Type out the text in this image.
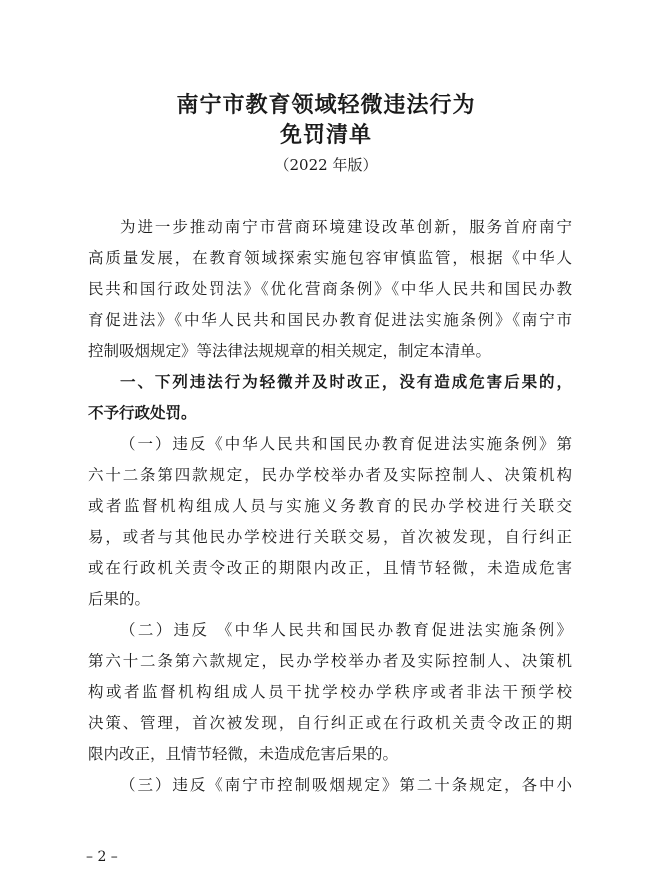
南宁市教育领域轻微违法行为
免罚清单
（2022 年版）
为进一步推动南宁市营商环境建设改革创新，服务首府南宁
高质量发展，在教育领域探索实施包容审慎监管，根据《中华人
民共和国行政处罚法》《优化营商条例》《中华人民共和国民办教
育促进法》《中华人民共和国民办教育促进法实施条例》《南宁市
控制吸烟规定》等法律法规规章的相关规定，制定本清单。
一、下列违法行为轻微并及时改正，没有造成危害后果的，
不予行政处罚。
（一）违反《中华人民共和国民办教育促进法实施条例》第
六十二条第四款规定，民办学校举办者及实际控制人、决策机构
或者监督机构组成人员与实施义务教育的民办学校进行关联交
易，或者与其他民办学校进行关联交易，首次被发现，自行纠正
或在行政机关责令改正的期限内改正，且情节轻微，未造成危害
后果的。
（二）违反 《中华人民共和国民办教育促进法实施条例》
第六十二条第六款规定，民办学校举办者及实际控制人、决策机
构或者监督机构组成人员干扰学校办学秩序或者非法干预学校
决策、管理，首次被发现，自行纠正或在行政机关责令改正的期
限内改正，且情节轻微，未造成危害后果的。
（三）违反《南宁市控制吸烟规定》第二十条规定，各中小
– 2 –
